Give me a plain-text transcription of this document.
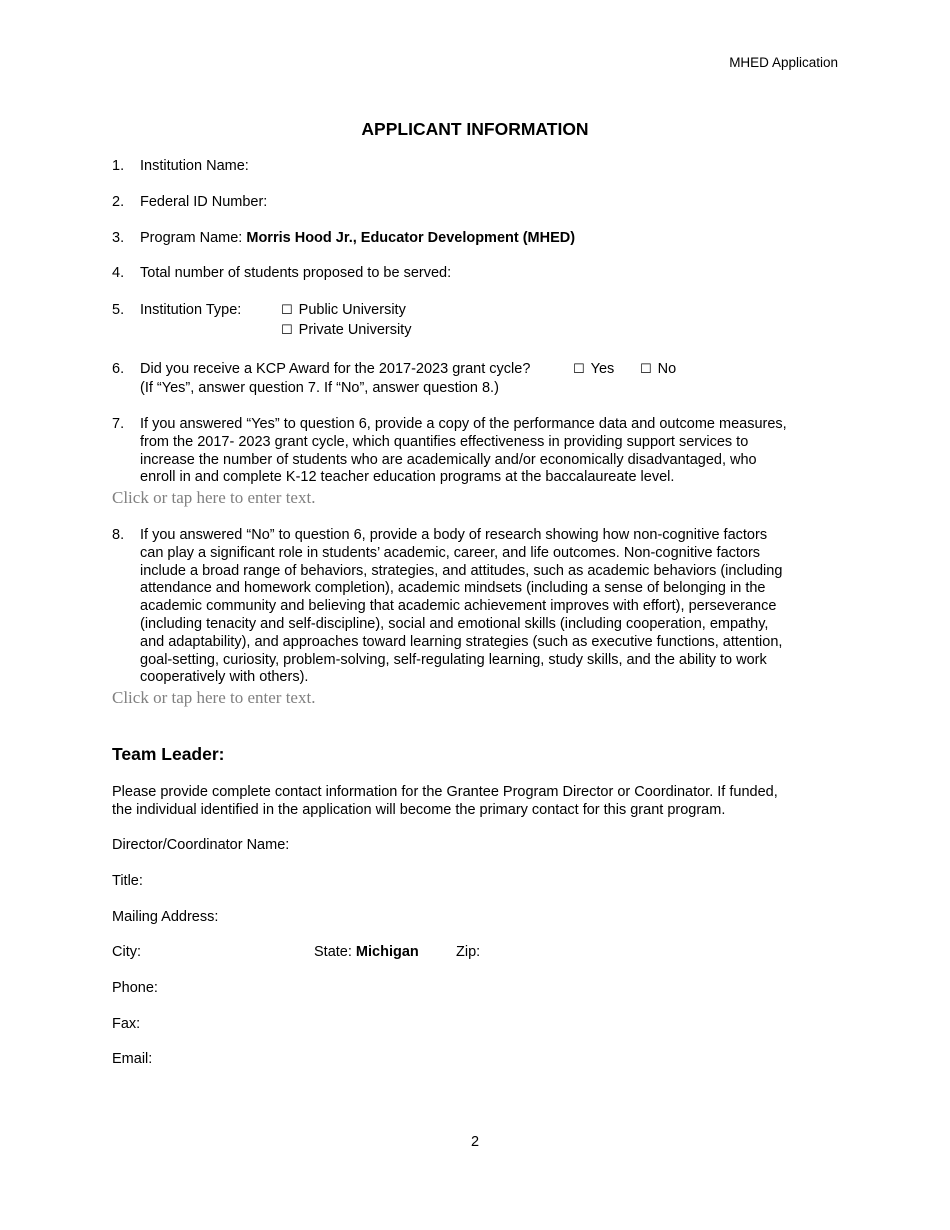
MHED Application
APPLICANT INFORMATION
1. Institution Name:
2. Federal ID Number:
3. Program Name: Morris Hood Jr., Educator Development (MHED)
4. Total number of students proposed to be served:
5. Institution Type:	☐ Public University
☐ Private University
6. Did you receive a KCP Award for the 2017-2023 grant cycle?	☐ Yes ☐ No
(If “Yes”, answer question 7. If “No”, answer question 8.)
7. If you answered “Yes” to question 6, provide a copy of the performance data and outcome measures,
from the 2017- 2023 grant cycle, which quantifies effectiveness in providing support services to
increase the number of students who are academically and/or economically disadvantaged, who
enroll in and complete K-12 teacher education programs at the baccalaureate level.
Click or tap here to enter text.
8. If you answered “No” to question 6, provide a body of research showing how non-cognitive factors
can play a significant role in students’ academic, career, and life outcomes. Non-cognitive factors
include a broad range of behaviors, strategies, and attitudes, such as academic behaviors (including
attendance and homework completion), academic mindsets (including a sense of belonging in the
academic community and believing that academic achievement improves with effort), perseverance
(including tenacity and self-discipline), social and emotional skills (including cooperation, empathy,
and adaptability), and approaches toward learning strategies (such as executive functions, attention,
goal-setting, curiosity, problem-solving, self-regulating learning, study skills, and the ability to work
cooperatively with others).
Click or tap here to enter text.
Team Leader:
Please provide complete contact information for the Grantee Program Director or Coordinator. If funded,
the individual identified in the application will become the primary contact for this grant program.
Director/Coordinator Name:
Title:
Mailing Address:
City:	State: Michigan	Zip:
Phone:
Fax:
Email:
2
